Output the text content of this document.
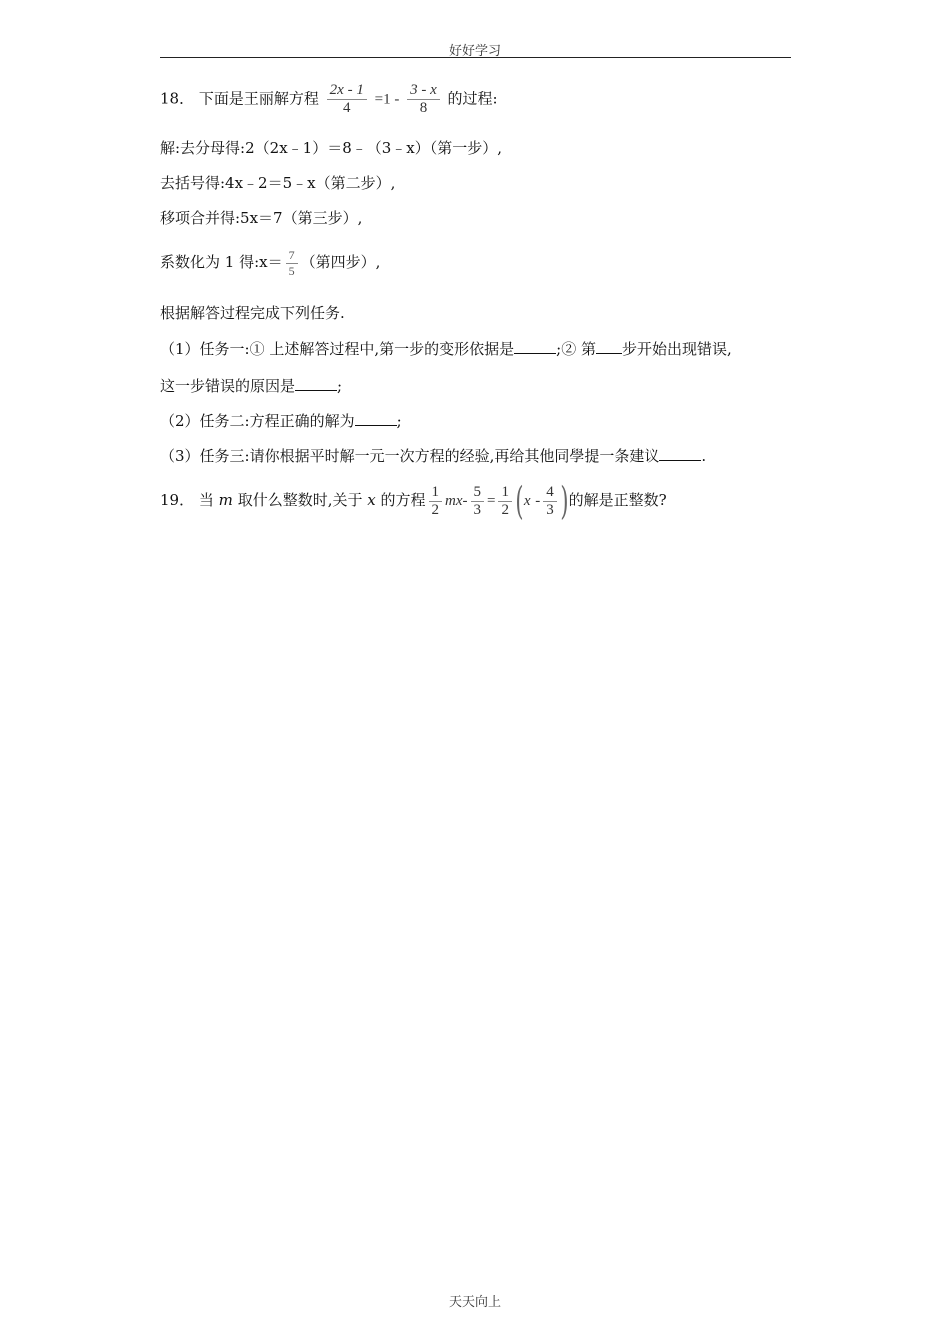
好好学习
18． 下面是王丽解方程 $\frac{2x - 1}{4} =1 - \frac{3 - x}{8}$ 的过程:
解:去分母得:2（2x﹣1）＝8﹣（3﹣x）（第一步）,
去括号得:4x﹣2＝5﹣x（第二步）,
移项合并得:5x＝7（第三步）,
系数化为 1 得:x＝ $\frac{7}{5}$ （第四步）,
根据解答过程完成下列任务.
（1）任务一:① 上述解答过程中,第一步的变形依据是	;② 第 步开始出现错误,
这一步错误的原因是	;
（2）任务二:方程正确的解为	;
（3）任务三:请你根据平时解一元一次方程的经验,再给其他同學提一条建议	.
19． 当 m 取什么整数时,关于 x 的方程 $\frac{1}{2} mx- \frac{5}{3} = \frac{1}{2} (x - \frac{4}{3}$ )的解是正整数?
天天向上
